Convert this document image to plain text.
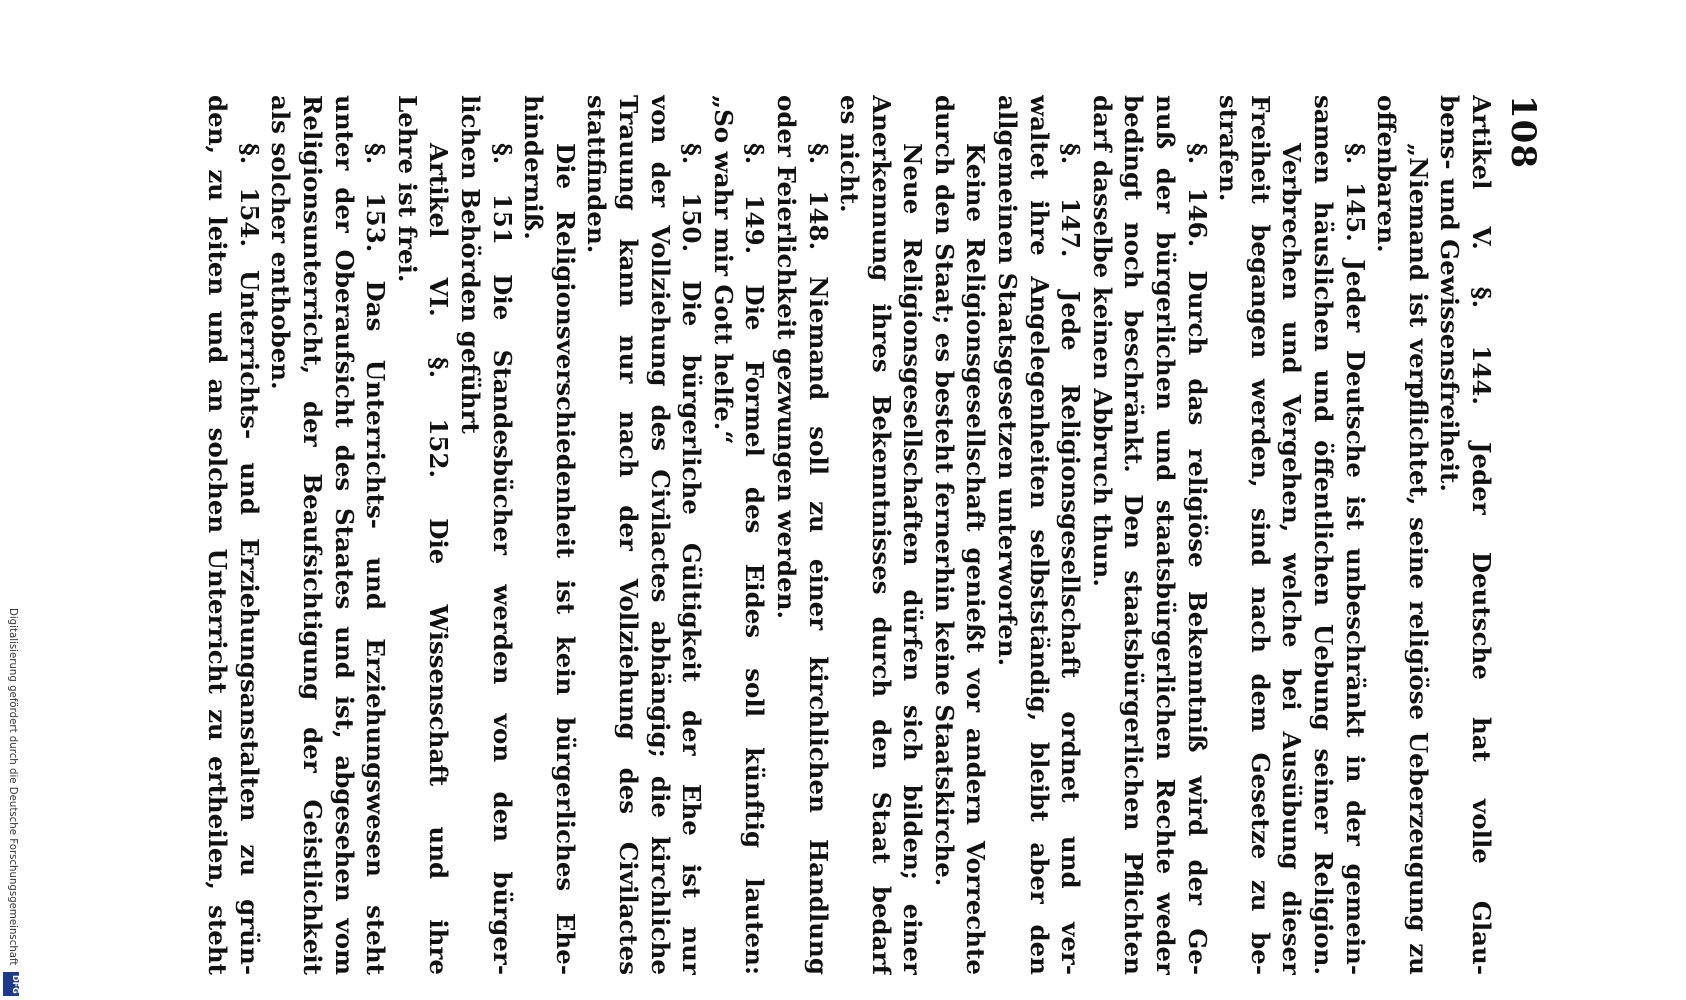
Digitalisierung gefördert durch die Deutsche Forschungsgemeinschaft
DFG
108
Artikel V. §. 144. Jeder Deutsche hat volle Glau-
bens- und Gewissensfreiheit.
„Niemand ist verpflichtet, seine religiöse Ueberzeugung zu
offenbaren.
§. 145. Jeder Deutsche ist unbeschränkt in der gemein-
samen häuslichen und öffentlichen Uebung seiner Religion.
Verbrechen und Vergehen, welche bei Ausübung dieser
Freiheit begangen werden, sind nach dem Gesetze zu be-
strafen.
§. 146. Durch das religiöse Bekenntniß wird der Ge-
nuß der bürgerlichen und staatsbürgerlichen Rechte weder
bedingt noch beschränkt. Den staatsbürgerlichen Pflichten
darf dasselbe keinen Abbruch thun.
§. 147. Jede Religionsgesellschaft ordnet und ver-
waltet ihre Angelegenheiten selbstständig, bleibt aber den
allgemeinen Staatsgesetzen unterworfen.
Keine Religionsgesellschaft genießt vor andern Vorrechte
durch den Staat; es besteht fernerhin keine Staatskirche.
Neue Religionsgesellschaften dürfen sich bilden; einer
Anerkennung ihres Bekenntnisses durch den Staat bedarf
es nicht.
§. 148. Niemand soll zu einer kirchlichen Handlung
oder Feierlichkeit gezwungen werden.
§. 149. Die Formel des Eides soll künftig lauten:
„So wahr mir Gott helfe.“
§. 150. Die bürgerliche Gültigkeit der Ehe ist nur
von der Vollziehung des Civilactes abhängig; die kirchliche
Trauung kann nur nach der Vollziehung des Civilactes
stattfinden.
Die Religionsverschiedenheit ist kein bürgerliches Ehe-
hinderniß.
§. 151 Die Standesbücher werden von den bürger-
lichen Behörden geführt
Artikel VI. §. 152. Die Wissenschaft und ihre
Lehre ist frei.
§. 153. Das Unterrichts- und Erziehungswesen steht
unter der Oberaufsicht des Staates und ist, abgesehen vom
Religionsunterricht, der Beaufsichtigung der Geistlichkeit
als solcher enthoben.
§. 154. Unterrichts- und Erziehungsanstalten zu grün-
den, zu leiten und an solchen Unterricht zu ertheilen, steht
